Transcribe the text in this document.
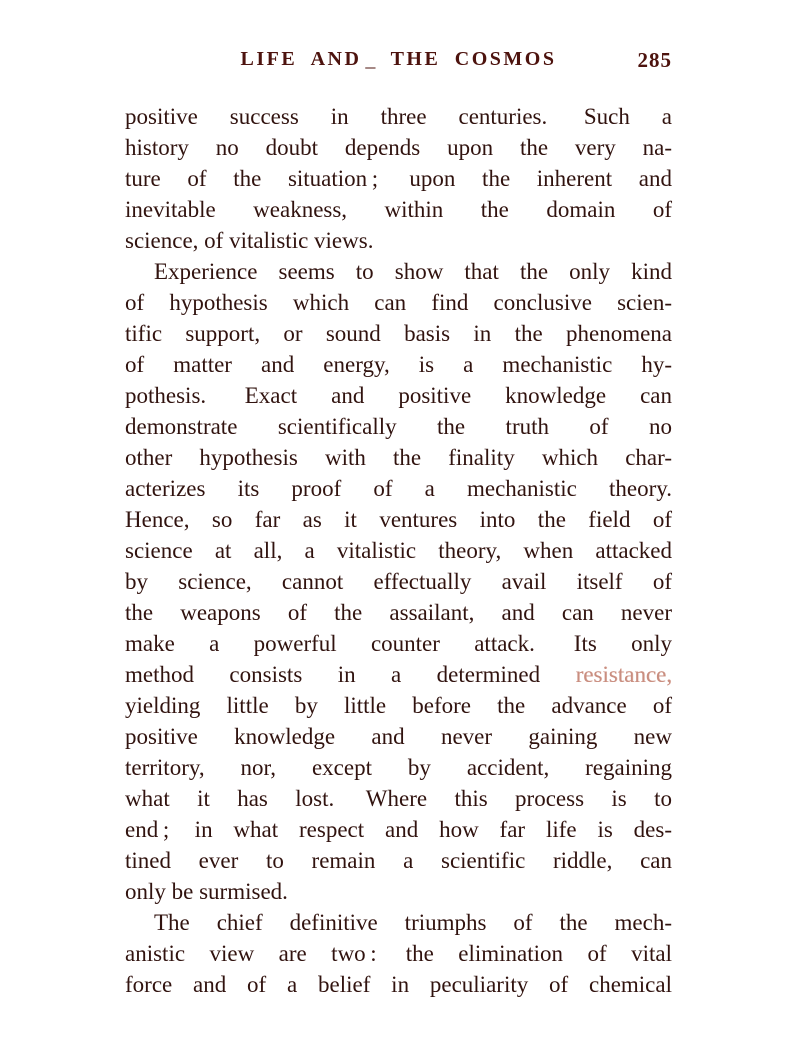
LIFE AND _ THE COSMOS	285
positive success in three centuries.  Such a
history no doubt depends upon the very na-
ture of the situation ;  upon the inherent and
inevitable weakness, within the domain of
science, of vitalistic views.
Experience seems to show that the only kind
of hypothesis which can find conclusive scien-
tific support, or sound basis in the phenomena
of matter and energy, is a mechanistic hy-
pothesis.  Exact and positive knowledge can
demonstrate scientifically the truth of no
other hypothesis with the finality which char-
acterizes its proof of a mechanistic theory.
Hence, so far as it ventures into the field of
science at all, a vitalistic theory, when attacked
by science, cannot effectually avail itself of
the weapons of the assailant, and can never
make a powerful counter attack.  Its only
method consists in a determined resistance,
yielding little by little before the advance of
positive knowledge and never gaining new
territory, nor, except by accident, regaining
what it has lost.  Where this process is to
end ;  in what respect and how far life is des-
tined ever to remain a scientific riddle, can
only be surmised.
The chief definitive triumphs of the mech-
anistic view are two :  the elimination of vital
force and of a belief in peculiarity of chemical
